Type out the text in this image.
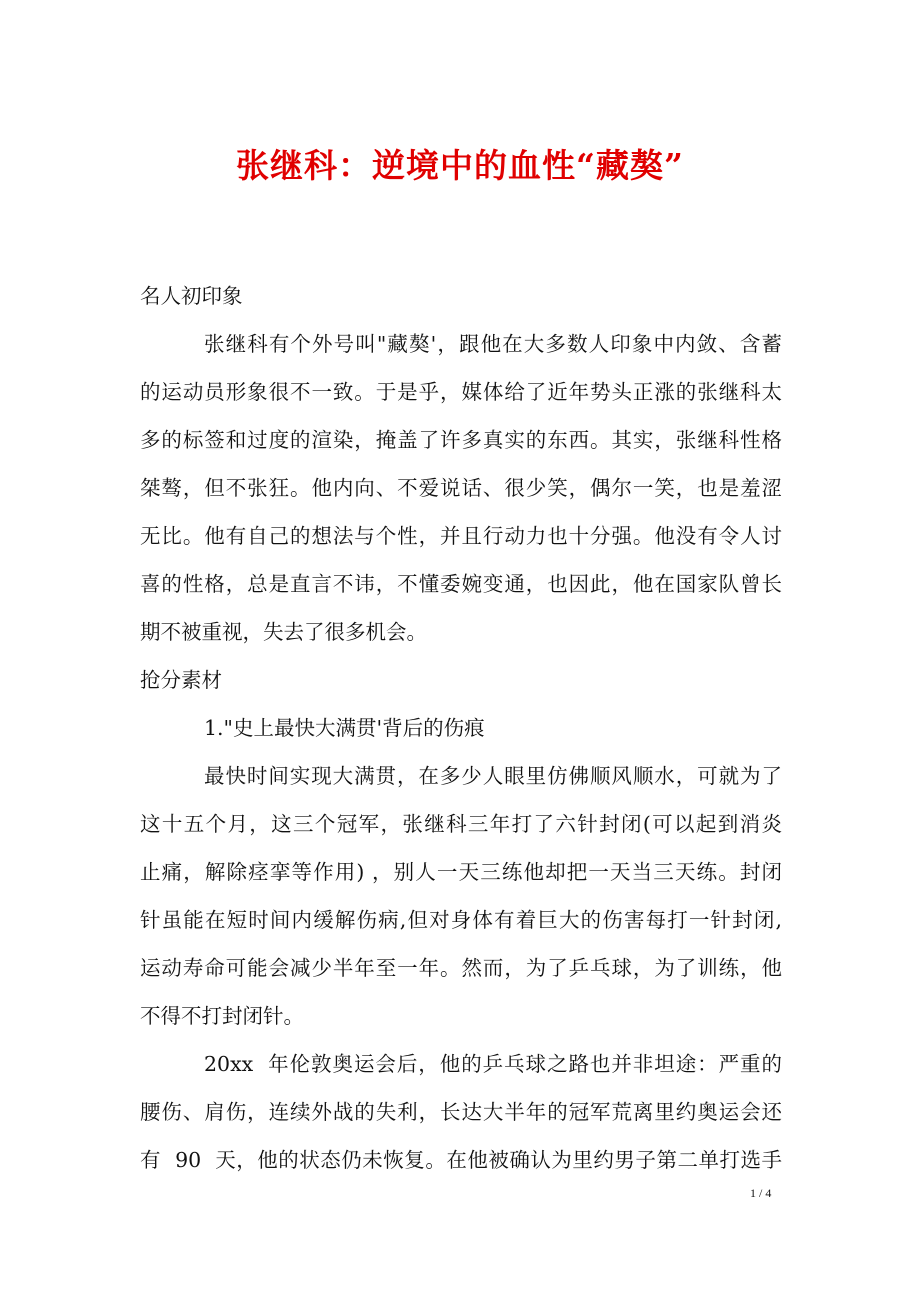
张继科：逆境中的血性“藏獒”
名人初印象
张继科有个外号叫"藏獒'，跟他在大多数人印象中内敛、含蓄
的运动员形象很不一致。于是乎，媒体给了近年势头正涨的张继科太
多的标签和过度的渲染，掩盖了许多真实的东西。其实，张继科性格
桀骜，但不张狂。他内向、不爱说话、很少笑，偶尔一笑，也是羞涩
无比。他有自己的想法与个性，并且行动力也十分强。他没有令人讨
喜的性格，总是直言不讳，不懂委婉变通，也因此，他在国家队曾长
期不被重视，失去了很多机会。
抢分素材
1."史上最快大满贯'背后的伤痕
最快时间实现大满贯，在多少人眼里仿佛顺风顺水，可就为了
这十五个月，这三个冠军，张继科三年打了六针封闭(可以起到消炎
止痛，解除痉挛等作用) ，别人一天三练他却把一天当三天练。封闭
针虽能在短时间内缓解伤病,但对身体有着巨大的伤害每打一针封闭,
运动寿命可能会减少半年至一年。然而，为了乒乓球，为了训练，他
不得不打封闭针。
20xx  年伦敦奥运会后，他的乒乓球之路也并非坦途：严重的
腰伤、肩伤，连续外战的失利，长达大半年的冠军荒离里约奥运会还
有  90  天，他的状态仍未恢复。在他被确认为里约男子第二单打选手
1 / 4
